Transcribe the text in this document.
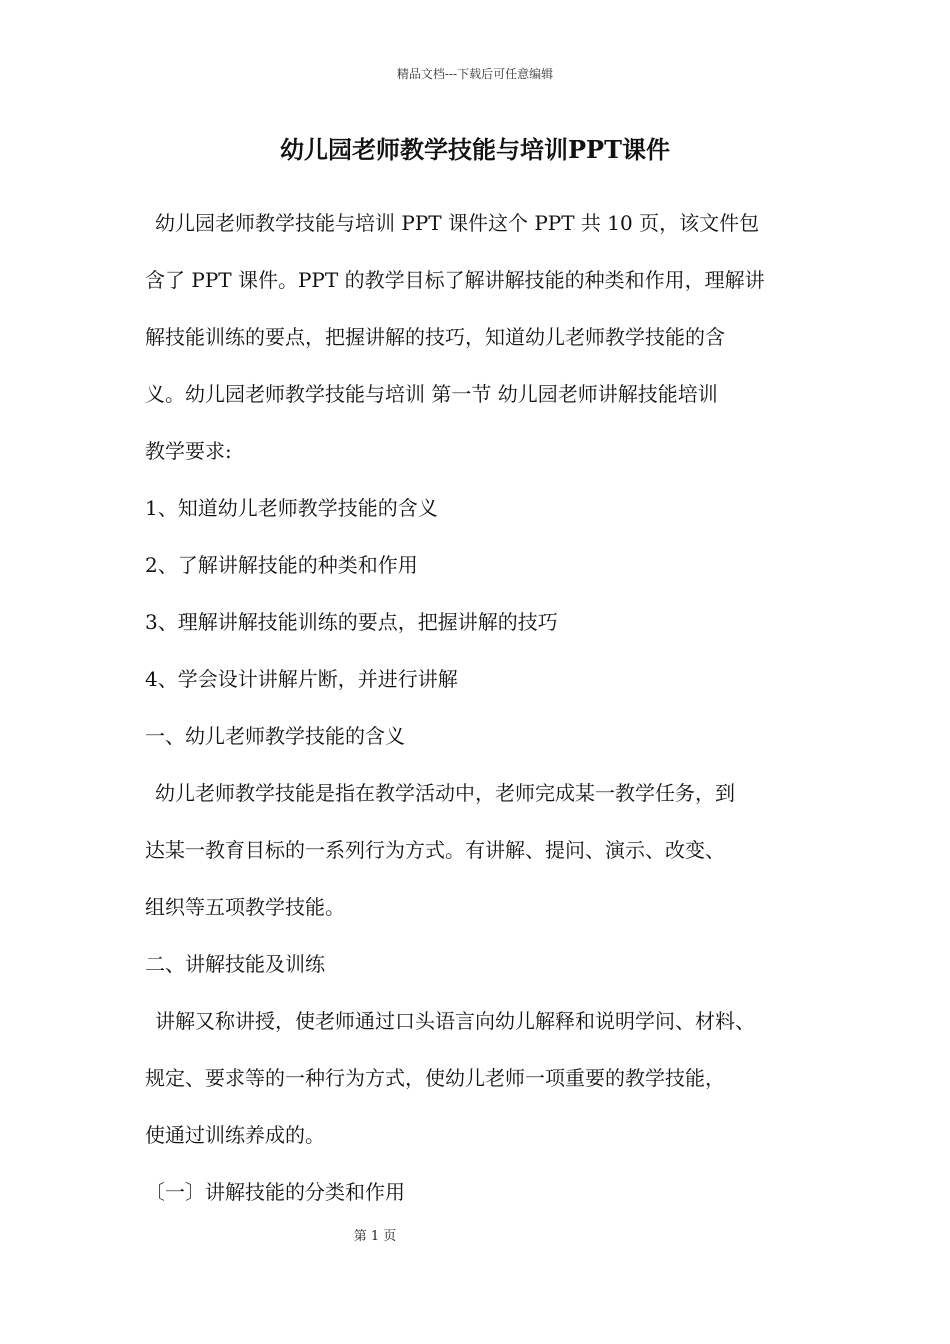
精品文档---下载后可任意编辑
幼儿园老师教学技能与培训PPT课件

幼儿园老师教学技能与培训 PPT 课件这个 PPT 共 10 页，该文件包

含了 PPT 课件。PPT 的教学目标了解讲解技能的种类和作用，理解讲

解技能训练的要点，把握讲解的技巧，知道幼儿老师教学技能的含

义。幼儿园老师教学技能与培训 第一节 幼儿园老师讲解技能培训

教学要求:

1、知道幼儿老师教学技能的含义

2、了解讲解技能的种类和作用

3、理解讲解技能训练的要点，把握讲解的技巧

4、学会设计讲解片断，并进行讲解

一、幼儿老师教学技能的含义

幼儿老师教学技能是指在教学活动中，老师完成某一教学任务，到

达某一教育目标的一系列行为方式。有讲解、提问、演示、改变、

组织等五项教学技能。

二、讲解技能及训练

讲解又称讲授，使老师通过口头语言向幼儿解释和说明学问、材料、

规定、要求等的一种行为方式，使幼儿老师一项重要的教学技能，

使通过训练养成的。

〔一〕讲解技能的分类和作用

第 1 页
